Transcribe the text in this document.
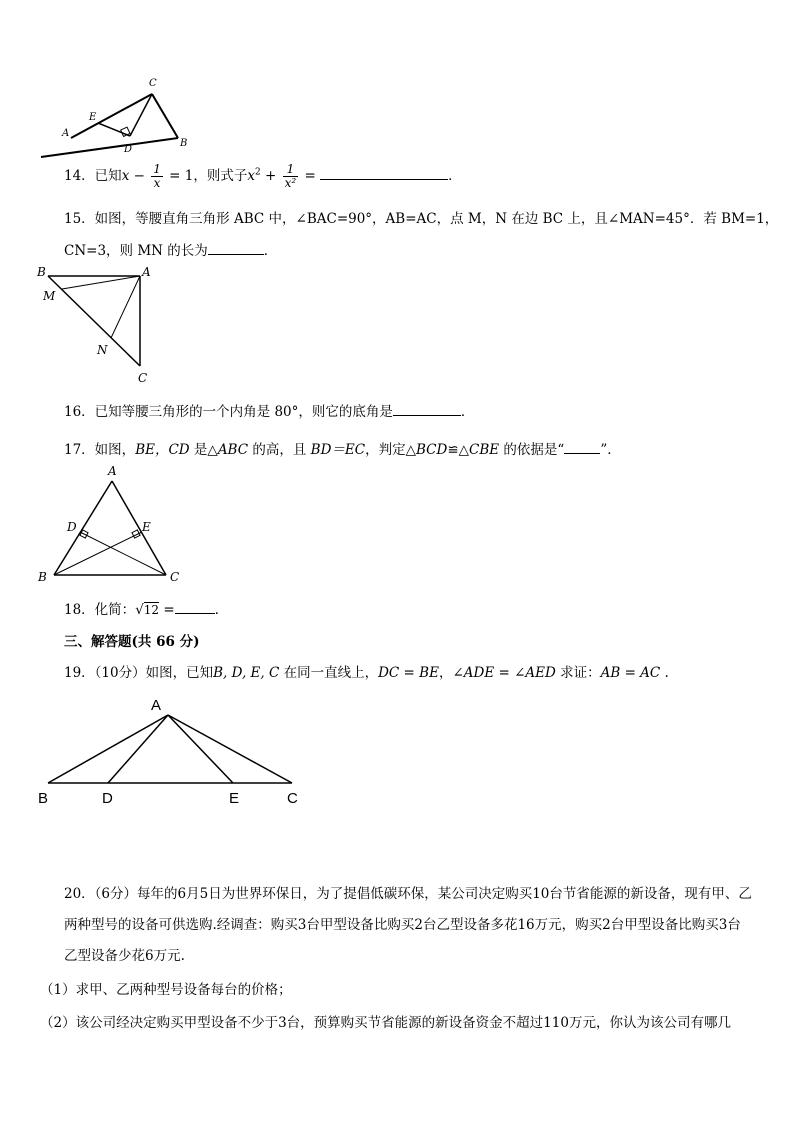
C
E
A
D
B
14．已知$x - \frac{1}{x} = 1$，则式子$x^2 + \frac{1}{\text{x²}}$ =	．
15．如图，等腰直角三角形 ABC 中，∠BAC=90°，AB=AC，点 M，N 在边 BC 上，且∠MAN=45°．若 BM=1，
CN=3，则 MN 的长为	．
B	A
M
N
C
16．已知等腰三角形的一个内角是 80°，则它的底角是	．
17．如图，BE，CD 是△ABC 的高，且 BD＝EC，判定△BCD≌△CBE 的依据是“	”．
A
D	E
B	C
18．化简：√12 =	．
三、解答题(共 66 分)
19．（10分）如图，已知B, D, E, C 在同一直线上，DC = BE，∠ADE = ∠AED 求证：AB = AC .
A
B	D	E	C
20．（6分）每年的6月5日为世界环保日，为了提倡低碳环保，某公司决定购买10台节省能源的新设备，现有甲、乙
两种型号的设备可供选购.经调查：购买3台甲型设备比购买2台乙型设备多花16万元，购买2台甲型设备比购买3台
乙型设备少花6万元.
（1）求甲、乙两种型号设备每台的价格；
（2）该公司经决定购买甲型设备不少于3台，预算购买节省能源的新设备资金不超过110万元，你认为该公司有哪几
